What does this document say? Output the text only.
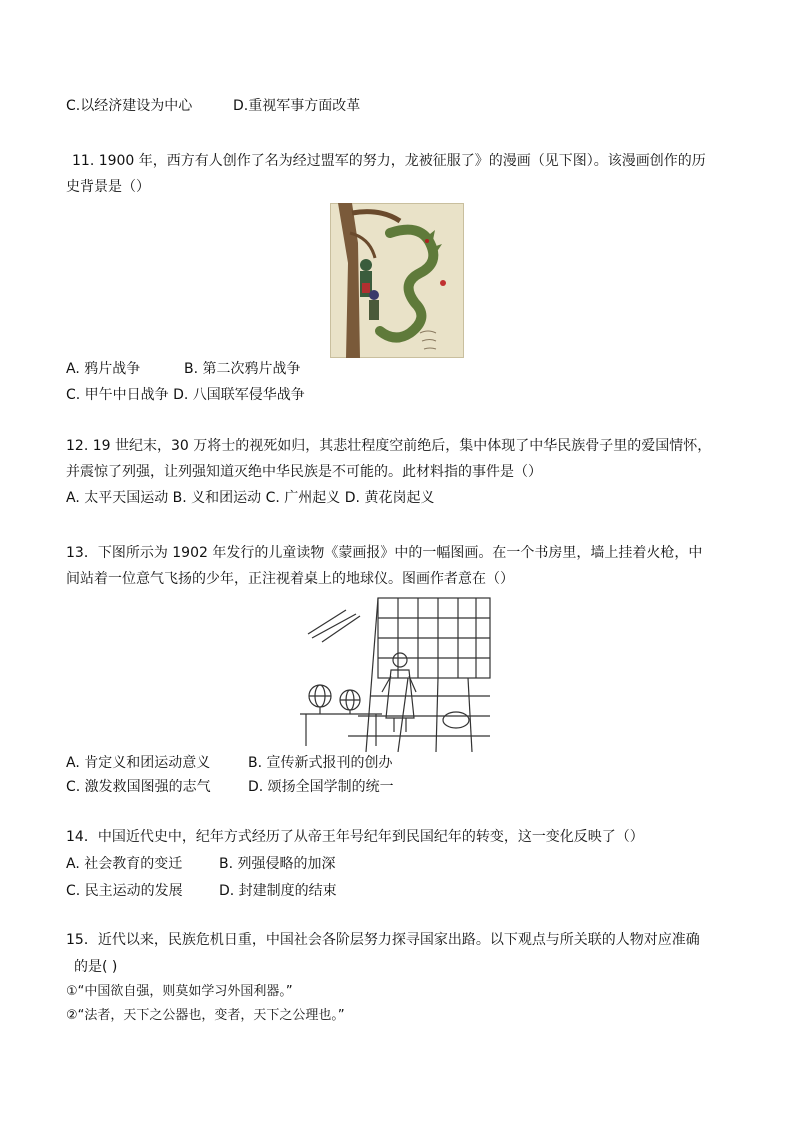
C.以经济建设为中心	D.重视军事方面改革
11. 1900 年，西方有人创作了名为经过盟军的努力，龙被征服了》的漫画（见下图）。该漫画创作的历
史背景是（）
A. 鸦片战争	B. 第二次鸦片战争
C. 甲午中日战争 D. 八国联军侵华战争
12. 19 世纪末，30 万将士的视死如归，其悲壮程度空前绝后，集中体现了中华民族骨子里的爱国情怀，
并震惊了列强，让列强知道灭绝中华民族是不可能的。此材料指的事件是（）
A. 太平天国运动 B. 义和团运动 C. 广州起义 D. 黄花岗起义
13．下图所示为 1902 年发行的儿童读物《蒙画报》中的一幅图画。在一个书房里，墙上挂着火枪，中
间站着一位意气飞扬的少年，正注视着桌上的地球仪。图画作者意在（）
A. 肯定义和团运动意义	B. 宣传新式报刊的创办
C. 激发救国图强的志气	D. 颂扬全国学制的统一
14．中国近代史中，纪年方式经历了从帝王年号纪年到民国纪年的转变，这一变化反映了（）
A. 社会教育的变迁	B. 列强侵略的加深
C. 民主运动的发展	D. 封建制度的结束
15．近代以来，民族危机日重，中国社会各阶层努力探寻国家出路。以下观点与所关联的人物对应准确
的是( )
①“中国欲自强，则莫如学习外国利器。”
②“法者，天下之公器也，变者，天下之公理也。”
